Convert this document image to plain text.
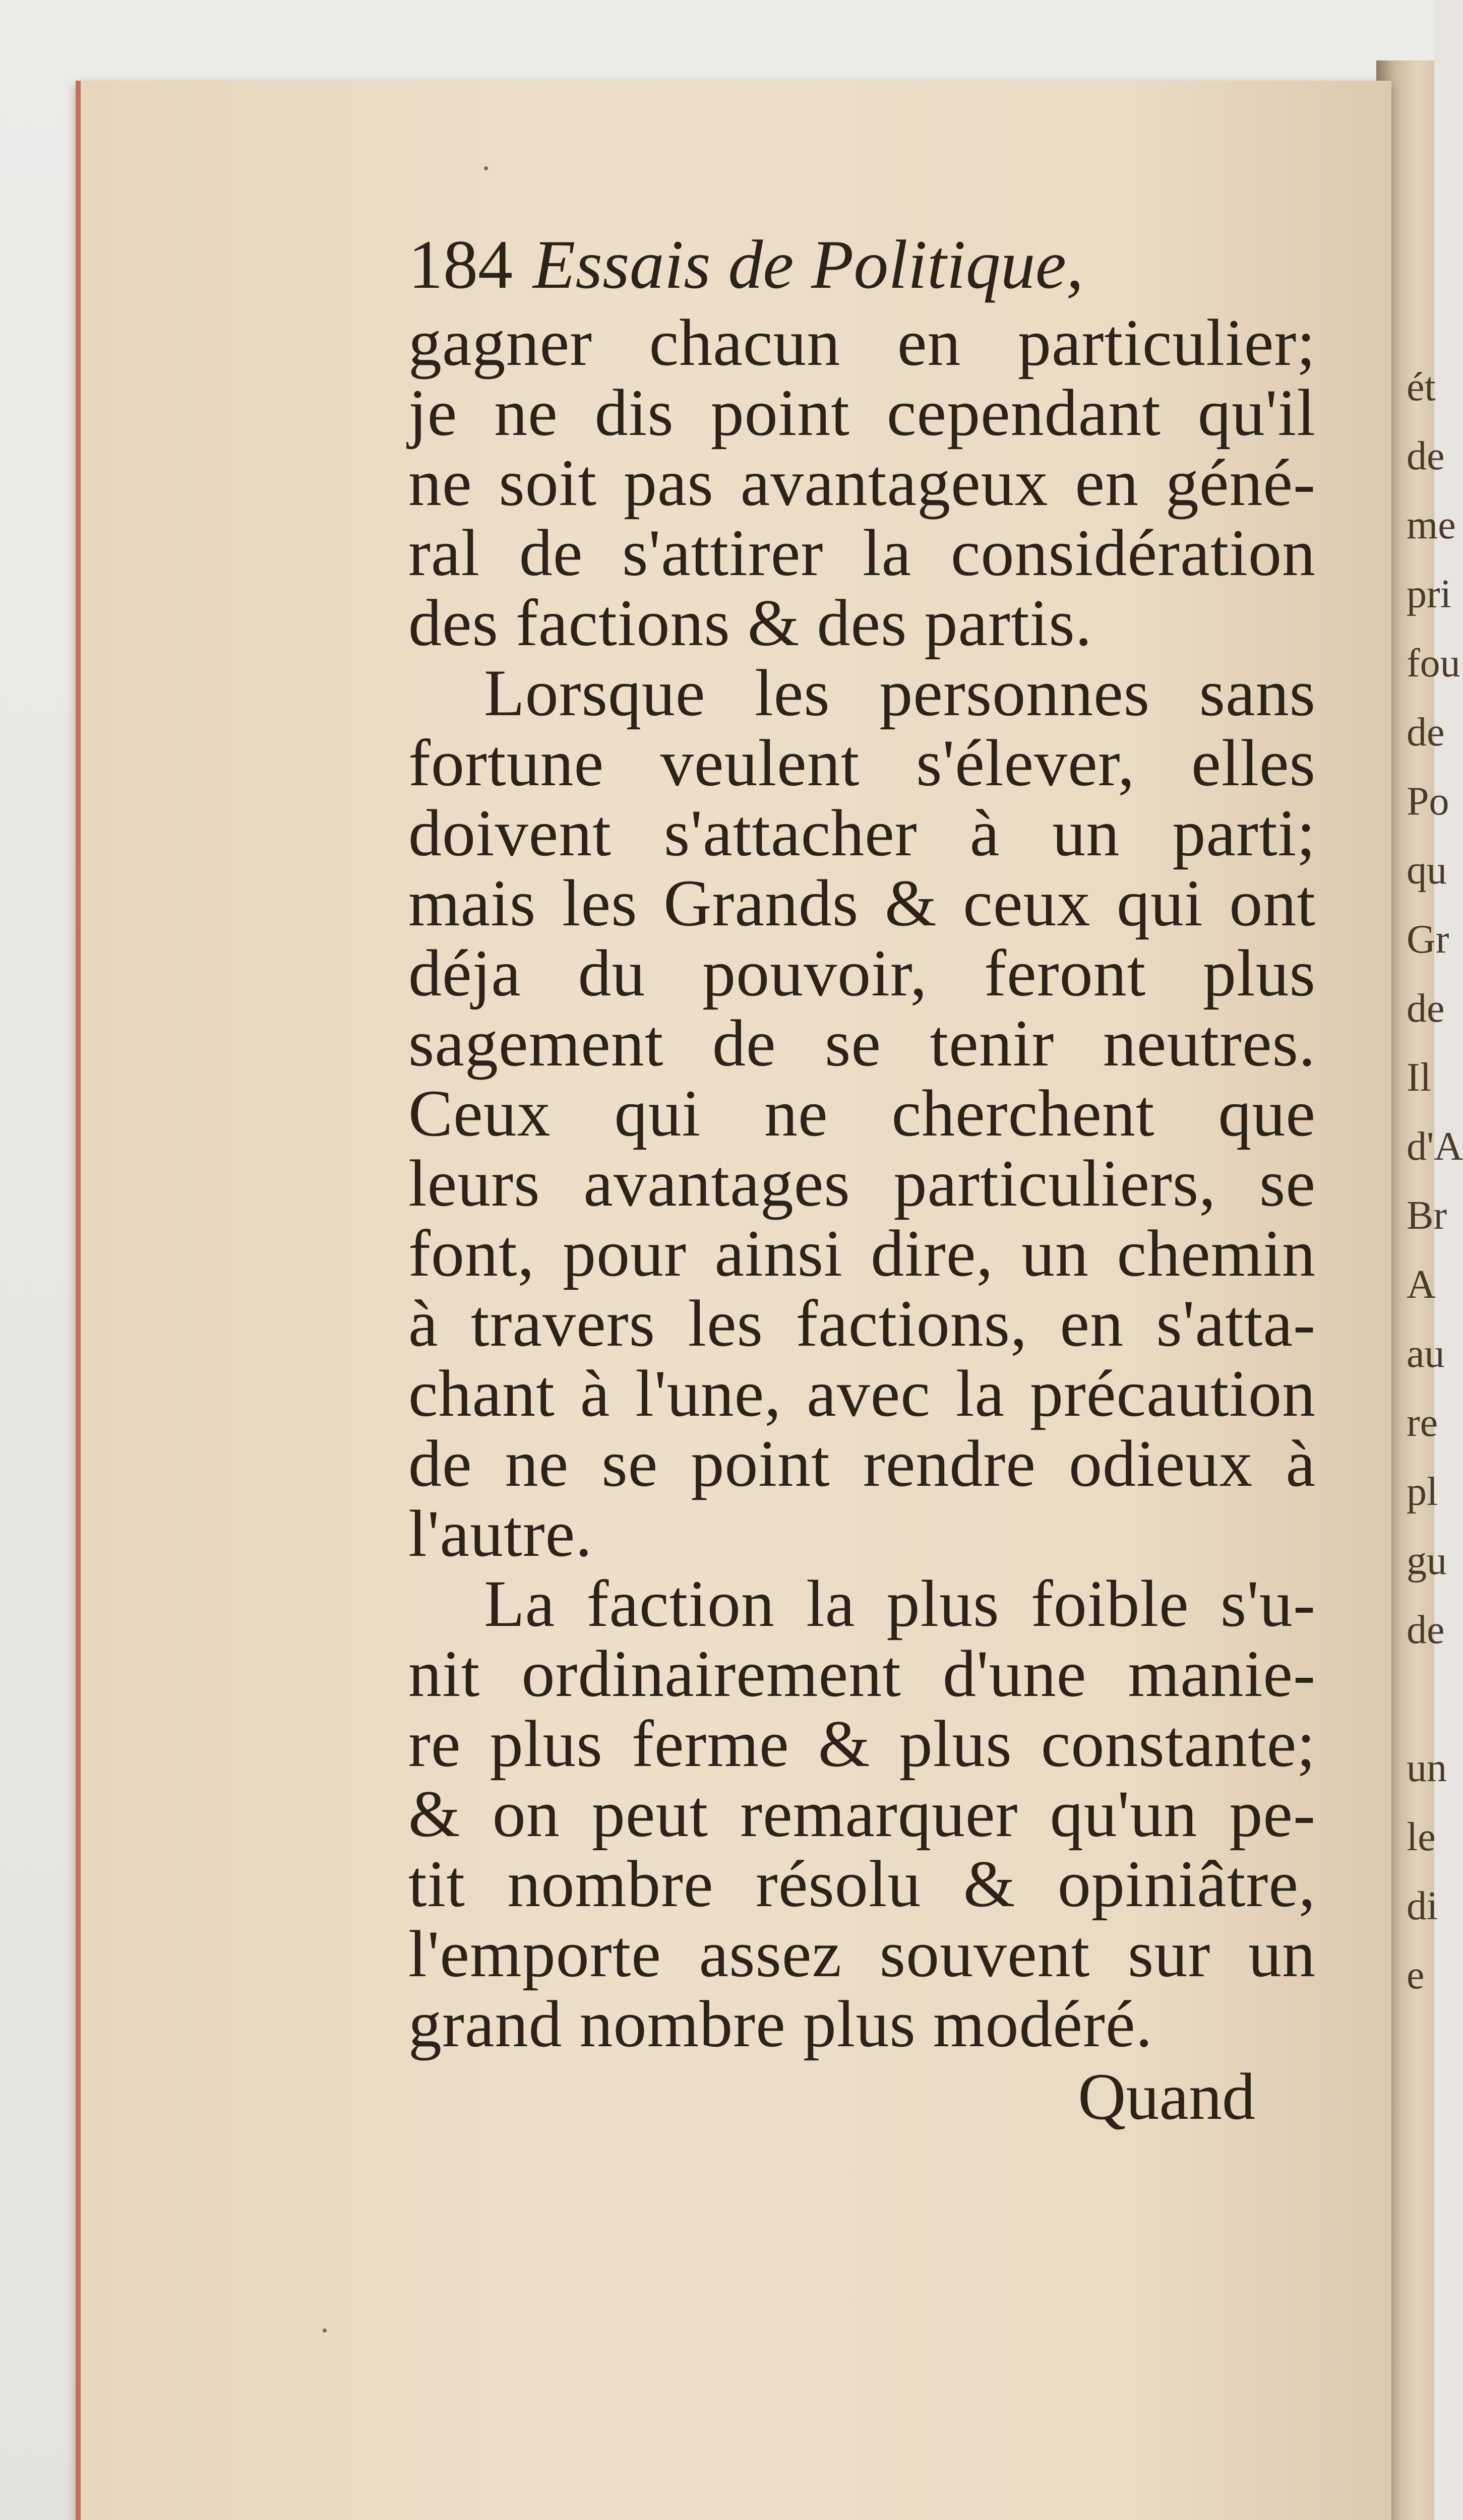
ét
de
me
pri
fou
de
Po
qu
Gr
de
Il
d'A
Br
A
au
re
pl
gu
de

un
le
di
e
184 Essais de Politique,
gagner chacun en particulier;
je ne dis point cependant qu'il
ne soit pas avantageux en géné-
ral de s'attirer la considération
des factions & des partis.
Lorsque les personnes sans
fortune veulent s'élever, elles
doivent s'attacher à un parti;
mais les Grands & ceux qui ont
déja du pouvoir, feront plus
sagement de se tenir neutres.
Ceux qui ne cherchent que
leurs avantages particuliers, se
font, pour ainsi dire, un chemin
à travers les factions, en s'atta-
chant à l'une, avec la précaution
de ne se point rendre odieux à
l'autre.
La faction la plus foible s'u-
nit ordinairement d'une manie-
re plus ferme & plus constante;
& on peut remarquer qu'un pe-
tit nombre résolu & opiniâtre,
l'emporte assez souvent sur un
grand nombre plus modéré.
Quand
